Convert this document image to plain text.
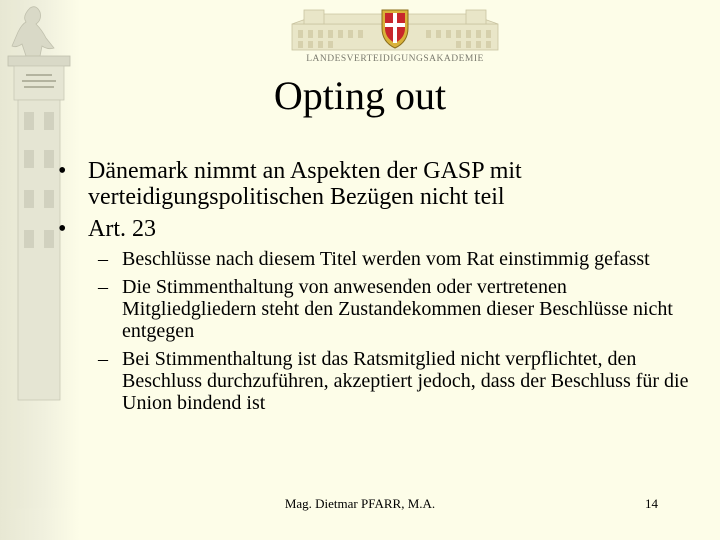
LANDESVERTEIDIGUNGSAKADEMIE
Opting out
• Dänemark nimmt an Aspekten der GASP mit verteidigungspolitischen Bezügen nicht teil
• Art. 23
– Beschlüsse nach diesem Titel werden vom Rat einstimmig gefasst
– Die Stimmenthaltung von anwesenden oder vertretenen Mitgliedgliedern steht den Zustandekommen dieser Beschlüsse nicht entgegen
– Bei Stimmenthaltung ist das Ratsmitglied nicht verpflichtet, den Beschluss durchzuführen, akzeptiert jedoch, dass der Beschluss für die Union bindend ist
Mag. Dietmar PFARR, M.A.	14
